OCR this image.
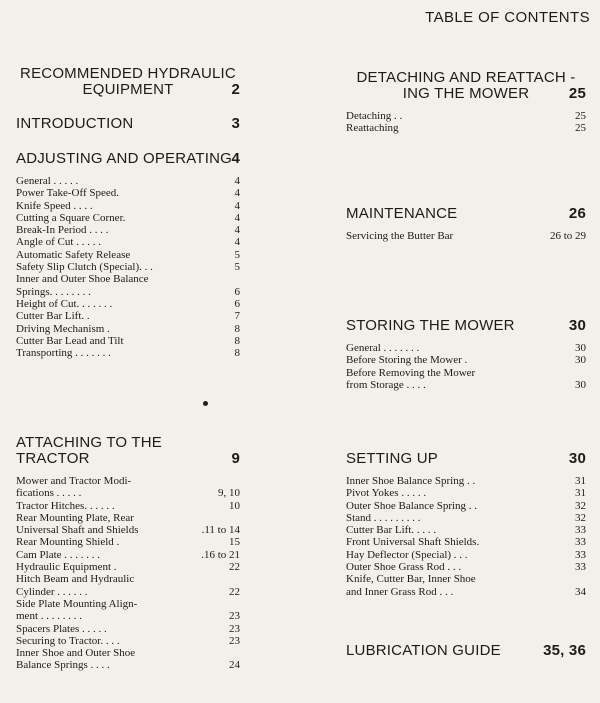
TABLE OF CONTENTS
RECOMMENDED HYDRAULIC
EQUIPMENT	2
INTRODUCTION	3
ADJUSTING AND OPERATING 4
General . . . . .	4
Power Take-Off Speed.	4
Knife Speed . . . .	4
Cutting a Square Corner.	4
Break-In Period . . . .	4
Angle of Cut . . . . .	4
Automatic Safety Release	5
Safety Slip Clutch (Special). . .	5
Inner and Outer Shoe Balance
Springs. . . . . . . .	6
Height of Cut. . . . . . .	6
Cutter Bar Lift. .	7
Driving Mechanism .	8
Cutter Bar Lead and Tilt	8
Transporting . . . . . . .	8
ATTACHING TO THE
TRACTOR	9
Mower and Tractor Modi-
fications . . . . .	9, 10
Tractor Hitches. . . . . .	10
Rear Mounting Plate, Rear
Universal Shaft and Shields	.11 to 14
Rear Mounting Shield .	15
Cam Plate . . . . . . .	.16 to 21
Hydraulic Equipment .	22
Hitch Beam and Hydraulic
Cylinder . . . . . .	22
Side Plate Mounting Align-
ment . . . . . . . .	23
Spacers Plates . . . . .	23
Securing to Tractor. . . .	23
Inner Shoe and Outer Shoe
Balance Springs . . . .	24
DETACHING AND REATTACH -
ING THE MOWER	25
Detaching . .	25
Reattaching	25
MAINTENANCE	26
Servicing the Butter Bar	26 to 29
STORING THE MOWER	30
General . . . . . . .	30
Before Storing the Mower .	30
Before Removing the Mower
from Storage . . . .	30
SETTING UP	30
Inner Shoe Balance Spring . .	31
Pivot Yokes . . . . .	31
Outer Shoe Balance Spring . .	32
Stand . . . . . . . . .	32
Cutter Bar Lift. . . . .	33
Front Universal Shaft Shields.	33
Hay Deflector (Special) . . .	33
Outer Shoe Grass Rod . . .	33
Knife, Cutter Bar, Inner Shoe
and Inner Grass Rod . . .	34
LUBRICATION GUIDE	35, 36
